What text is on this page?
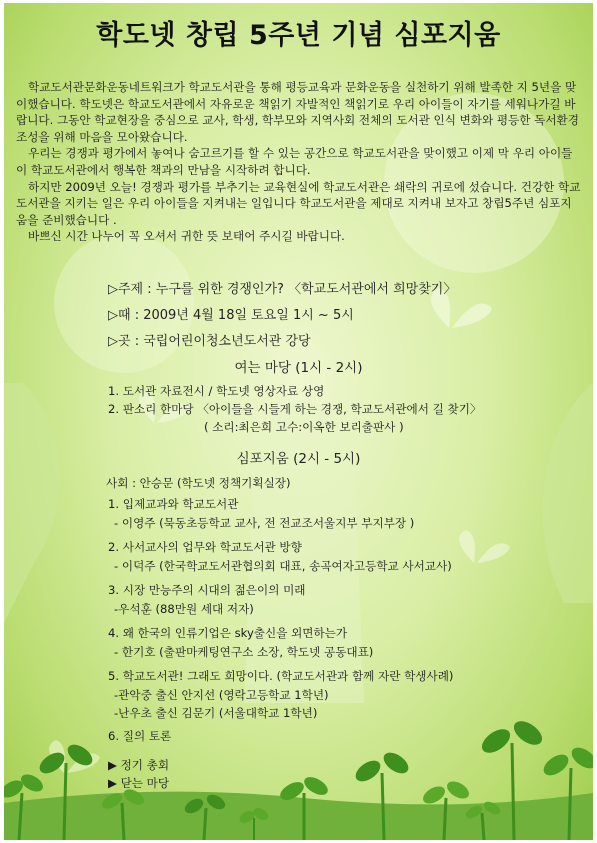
학도넷 창립 5주년 기념 심포지움

학교도서관문화운동네트워크가 학교도서관을 통해 평등교육과 문화운동을 실천하기 위해 발족한 지 5년을 맞이했습니다. 학도넷은 학교도서관에서 자유로운 책읽기 자발적인 책읽기로 우리 아이들이 자기를 세워나가길 바랍니다. 그동안 학교현장을 중심으로 교사, 학생, 학부모와 지역사회 전체의 도서관 인식 변화와 평등한 독서환경 조성을 위해 마음을 모아왔습니다.

우리는 경쟁과 평가에서 놓여나 숨고르기를 할 수 있는 공간으로 학교도서관을 맞이했고 이제 막 우리 아이들이 학교도서관에서 행복한 책과의 만남을 시작하려 합니다.

하지만 2009년 오늘! 경쟁과 평가를 부추기는 교육현실에 학교도서관은 쇄락의 귀로에 섰습니다. 건강한 학교도서관을 지키는 일은 우리 아이들을 지켜내는 일입니다 학교도서관을 제대로 지켜내 보자고 창립5주년 심포지움을 준비했습니다 .

바쁘신 시간 나누어 꼭 오셔서 귀한 뜻 보태어 주시길 바랍니다.

▷주제 : 누구를 위한 경쟁인가? 〈학교도서관에서 희망찾기〉
▷때 : 2009년 4월 18일 토요일 1시 ~ 5시
▷곳 : 국립어린이청소년도서관 강당
여는 마당 (1시 - 2시)
1. 도서관 자료전시 / 학도넷 영상자료 상영
2. 판소리 한마당 〈아이들을 시들게 하는 경쟁, 학교도서관에서 길 찾기〉
( 소리:최은희 고수:이옥한 보리출판사 )
심포지움 (2시 - 5시)
사회 : 안승문 (학도넷 정책기획실장)
1. 입제교과와 학교도서관
- 이영주 (묵동초등학교 교사, 전 전교조서울지부 부지부장 )
2. 사서교사의 업무와 학교도서관 방향
- 이덕주 (한국학교도서관협의회 대표, 송곡여자고등학교 사서교사)
3. 시장 만능주의 시대의 젊은이의 미래
-우석훈 (88만원 세대 저자)
4. 왜 한국의 인류기업은 sky출신을 외면하는가
- 한기호 (출판마케팅연구소 소장, 학도넷 공동대표)
5. 학교도서관! 그래도 희망이다. (학교도서관과 함께 자란 학생사례)
-관악중 출신 안지선 (영락고등학교 1학년)
-난우초 출신 김문기 (서울대학교 1학년)
6. 질의 토론
▶ 정기 총회
▶ 닫는 마당
